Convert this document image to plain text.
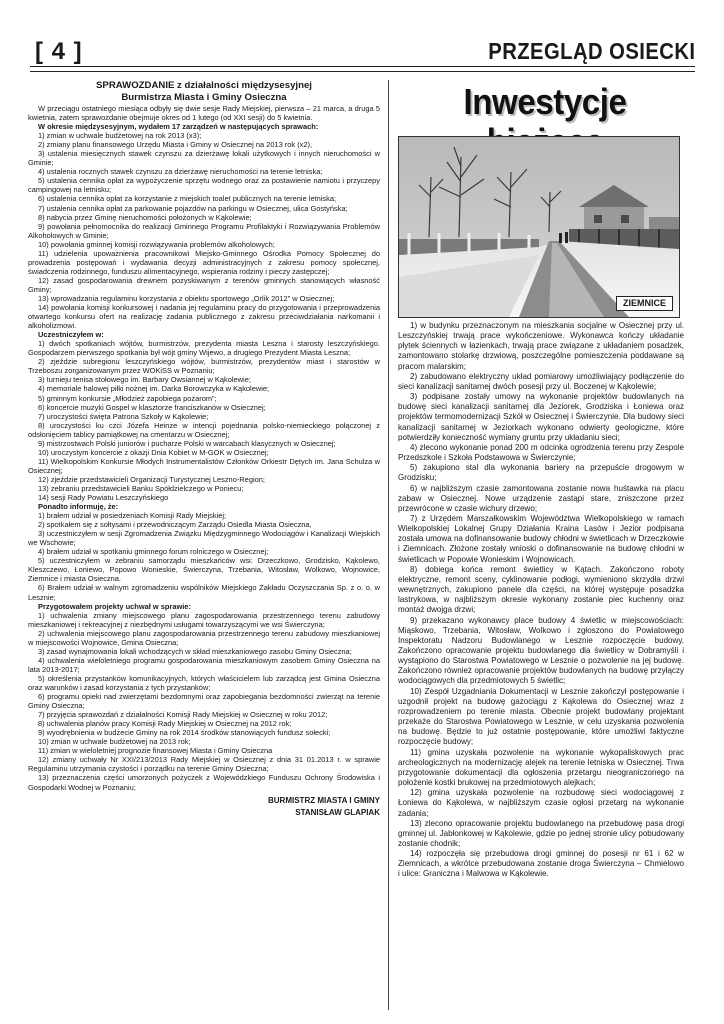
[ 4 ]	PRZEGLĄD OSIECKI
SPRAWOZDANIE z działalności międzysesyjnej
Burmistrza Miasta i Gminy Osieczna

W przeciągu ostatniego miesiąca odbyły się dwie sesje Rady Miejskiej, pierwsza – 21 marca, a druga 5 kwietnia, zatem sprawozdanie obejmuje okres od 1 lutego (od XXI sesji) do 5 kwietnia.

W okresie międzysesyjnym, wydałem 17 zarządzeń w następujących sprawach:

1) zmian w uchwale budżetowej na rok 2013 (x3);

2) zmiany planu finansowego Urzędu Miasta i Gminy w Osiecznej na 2013 rok (x2),

3) ustalenia miesięcznych stawek czynszu za dzierżawę lokali użytkowych i innych nieruchomości w Gminie;

4) ustalenia rocznych stawek czynszu za dzierżawę nieruchomości na terenie letniska;

5) ustalenia cennika opłat za wypożyczenie sprzętu wodnego oraz za postawienie namiotu i przyczepy campingowej na letnisku;

6) ustalenia cennika opłat za korzystanie z miejskich toalet publicznych na terenie letniska;

7) ustalenia cennika opłat za parkowanie pojazdów na parkingu w Osiecznej, ulica Gostyńska;

8) nabycia przez Gminę nieruchomości położonych w Kąkolewie;

9) powołania pełnomocnika do realizacji Gminnego Programu Profilaktyki i Rozwiązywania Problemów Alkoholowych w Gminie;

10) powołania gminnej komisji rozwiązywania problemów alkoholowych;

11) udzielenia upoważnienia pracownikowi Miejsko-Gminnego Ośrodka Pomocy Społecznej do prowadzenia postępowań i wydawania decyzji administracyjnych z zakresu pomocy społecznej, świadczenia rodzinnego, funduszu alimentacyjnego, wspierania rodziny i pieczy zastępczej;

12) zasad gospodarowania drewnem pozyskiwanym z terenów gminnych stanowiących własność Gminy;

13) wprowadzania regulaminu korzystania z obiektu sportowego „Orlik 2012” w Osiecznej;

14) powołania komisji konkursowej i nadania jej regulaminu pracy do przygotowania i przeprowadzenia otwartego konkursu ofert na realizację zadania publicznego z zakresu przeciwdziałania narkomanii i alkoholizmowi.

Uczestniczyłem w:

1) dwóch spotkaniach wójtów, burmistrzów, prezydenta miasta Leszna i starosty leszczyńskiego. Gospodarzem pierwszego spotkania był wójt gminy Wijewo, a drugiego Prezydent Miasta Leszna;

2) zjeździe subregionu leszczyńskiego wójtów, burmistrzów, prezydentów miast i starostów w Trzeboszu zorganizowanym przez WOKiSS w Poznaniu;

3) turnieju tenisa stołowego im. Barbary Owsiannej w Kąkolewie;

4) memoriale halowej piłki nożnej im. Darka Borowczyka w Kąkolewie;

5) gminnym konkursie „Młodzież zapobiega pożarom”;

6) koncercie muzyki Gospel w klasztorze franciszkanów w Osiecznej;

7) uroczystości święta Patrona Szkoły w Kąkolewie;

8) uroczystości ku czci Józefa Heinze w intencji pojednania polsko-niemieckiego połączonej z odsłonięciem tablicy pamiątkowej na cmentarzu w Osiecznej;

9) mistrzostwach Polski juniorów i pucharze Polski w warcabach klasycznych w Osiecznej;

10) uroczystym koncercie z okazji Dnia Kobiet w M-GOK w Osiecznej;

11) Wielkopolskim Konkursie Młodych Instrumentalistów Członków Orkiestr Dętych im. Jana Schulza w Osiecznej;

12) zjeździe przedstawicieli Organizacji Turystycznej Leszno-Region;

13) zebraniu przedstawicieli Banku Spółdzielczego w Poniecu;

14) sesji Rady Powiatu Leszczyńskiego

Ponadto informuję, że:

1) brałem udział w posiedzeniach Komisji Rady Miejskiej;

2) spotkałem się z sołtysami i przewodniczącym Zarządu Osiedla Miasta Osieczna,

3) uczestniczyłem w sesji Zgromadzenia Związku Międzygminnego Wodociągów i Kanalizacji Wiejskich we Wschowie;

4) brałem udział w spotkaniu gminnego forum rolniczego w Osiecznej;

5) uczestniczyłem w zebraniu samorządu mieszkańców wsi: Drzeczkowo, Grodzisko, Kąkolewo, Kleszczewo, Łoniewo, Popowo Wonieskie, Świerczyna, Trzebania, Witosław, Wolkowo, Wojnowice, Ziemnice i miasta Osieczna.

6) Brałem udział w walnym zgromadzeniu wspólników Miejskiego Zakładu Oczyszczania Sp. z o. o. w Lesznie;

Przygotowałem projekty uchwał w sprawie:

1) uchwalenia zmiany miejscowego planu zagospodarowania przestrzennego terenu zabudowy mieszkaniowej i rekreacyjnej z niezbędnymi usługami towarzyszącymi we wsi Świerczyna;

2) uchwalenia miejscowego planu zagospodarowania przestrzennego terenu zabudowy mieszkaniowej w miejscowości Wojnowice, Gmina Osieczna;

3) zasad wynajmowania lokali wchodzących w skład mieszkaniowego zasobu Gminy Osieczna;

4) uchwalenia wieloletniego programu gospodarowania mieszkaniowym zasobem Gminy Osieczna na lata 2013-2017;

5) określenia przystanków komunikacyjnych, których właścicielem lub zarządcą jest Gmina Osieczna oraz warunków i zasad korzystania z tych przystanków;

6) programu opieki nad zwierzętami bezdomnymi oraz zapobiegania bezdomności zwierząt na terenie Gminy Osieczna;

7) przyjęcia sprawozdań z działalności Komisji Rady Miejskiej w Osiecznej w roku 2012;

8) uchwalenia planów pracy Komisji Rady Miejskiej w Osiecznej na 2012 rok;

9) wyodrębnienia w budżecie Gminy na rok 2014 środków stanowiących fundusz sołecki;

10) zmian w uchwale budżetowej na 2013 rok;

11) zmian w wieloletniej prognozie finansowej Miasta i Gminy Osieczna

12) zmiany uchwały Nr XXI/213/2013 Rady Miejskiej w Osiecznej z dnia 31 01.2013 r. w sprawie Regulaminu utrzymania czystości i porządku na terenie Gminy Osieczna;

13) przeznaczenia części umorzonych pożyczek z Wojewódzkiego Funduszu Ochrony Środowiska i Gospodarki Wodnej w Poznaniu;

BURMISTRZ MIASTA I GMINY
STANISŁAW GLAPIAK
Inwestycje
ZIEMNICE

1) w budynku przeznaczonym na mieszkania socjalne w Osiecznej przy ul. Leszczyńskiej trwają prace wykończeniowe. Wykonawca kończy układanie płytek ściennych w łazienkach, trwają prace związane z układaniem posadzek, zamontowano stolarkę drzwiową, poszczególne pomieszczenia poddawane są pracom malarskim;

2) zabudowano elektryczny układ pomiarowy umożliwiający podłączenie do sieci kanalizacji sanitarnej dwóch posesji przy ul. Boczenej w Kąkolewie;

3) podpisane zostały umowy na wykonanie projektów budowlanych na budowę sieci kanalizacji sanitarnej dla Jeziorek, Grodziska i Łoniewa oraz projektów termomodernizacji Szkół w Osiecznej i Świerczynie. Dla budowy sieci kanalizacji sanitarnej w Jeziorkach wykonano odwierty geologiczne, które potwierdziły konieczność wymiany gruntu przy układaniu sieci;

4) zlecono wykonanie ponad 200 m odcinka ogrodzenia terenu przy Zespole Przedszkole i Szkoła Podstawowa w Świerczynie;

5) zakupiono stal dla wykonania bariery na przepuście drogowym w Grodzisku;

6) w najbliższym czasie zamontowana zostanie nowa huśtawka na placu zabaw w Osiecznej. Nowe urządzenie zastąpi stare, zniszczone przez przewrócone w czasie wichury drzewo;

7) z Urzędem Marszałkowskim Województwa Wielkopolskiego w ramach Wielkopolskiej Lokalnej Grupy Działania Kraina Lasów i Jezior podpisana została umowa na dofinansowanie budowy chłodni w świetlicach w Drzeczkowie i Ziemnicach. Złożone zostały wnioski o dofinansowanie na budowę chłodni w świetlicach w Popowie Wonieskim i Wojnowicach.

8) dobiega końca remont świetlicy w Kątach. Zakończono roboty elektryczne, remont sceny, cyklinowanie podłogi, wymieniono skrzydła drzwi wewnętrznych, zakupiono panele dla części, na której występuje posadzka lastrykowa, w najbliższym okresie wykonany zostanie piec kuchenny oraz montaż dwojga drzwi;

9) przekazano wykonawcy place budowy 4 świetlic w miejscowościach: Miąskowo, Trzebania, Witosław, Wolkowo i zgłoszono do Powiatowego Inspektoratu Nadzoru Budowlanego w Lesznie rozpoczęcie budowy. Zakończono opracowanie projektu budowlanego dla świetlicy w Dobramyśli i wystąpiono do Starostwa Powiatowego w Lesznie o pozwolenie na jej budowę. Zakończono również opracowanie projektów budowlanych na budowę przyłączy wodociągowych dla przedmiotowych 5 świetlic;

10) Zespół Uzgadniania Dokumentacji w Lesznie zakończył postępowanie i uzgodnił projekt na budowę gazociągu z Kąkolewa do Osiecznej wraz z rozprowadzeniem po terenie miasta. Obecnie projekt budowlany projektant przekaże do Starostwa Powiatowego w Lesznie, w celu uzyskania pozwolenia na budowę. Będzie to już ostatnie postępowanie, które umożliwi faktyczne rozpoczęcie budowy;

11) gmina uzyskała pozwolenie na wykonanie wykopaliskowych prac archeologicznych na modernizację alejek na terenie letniska w Osiecznej. Trwa przygotowanie dokumentacji dla ogłoszenia przetargu nieograniczonego na położenie kostki brukowej na przedmiotowych alejkach;

12) gmina uzyskała pozwolenie na rozbudowę sieci wodociągowej z Łoniewa do Kąkolewa, w najbliższym czasie ogłosi przetarg na wykonanie zadania;

13) zlecono opracowanie projektu budowlanego na przebudowę pasa drogi gminnej ul. Jabłonkowej w Kąkolewie, gdzie po jednej stronie ulicy pobudowany zostanie chodnik;

14) rozpoczęła się przebudowa drogi gminnej do posesji nr 61 i 62 w Ziemnicach, a wkrótce przebudowana zostanie droga Świerczyna – Chmielowo i ulice: Graniczna i Malwowa w Kąkolewie.
